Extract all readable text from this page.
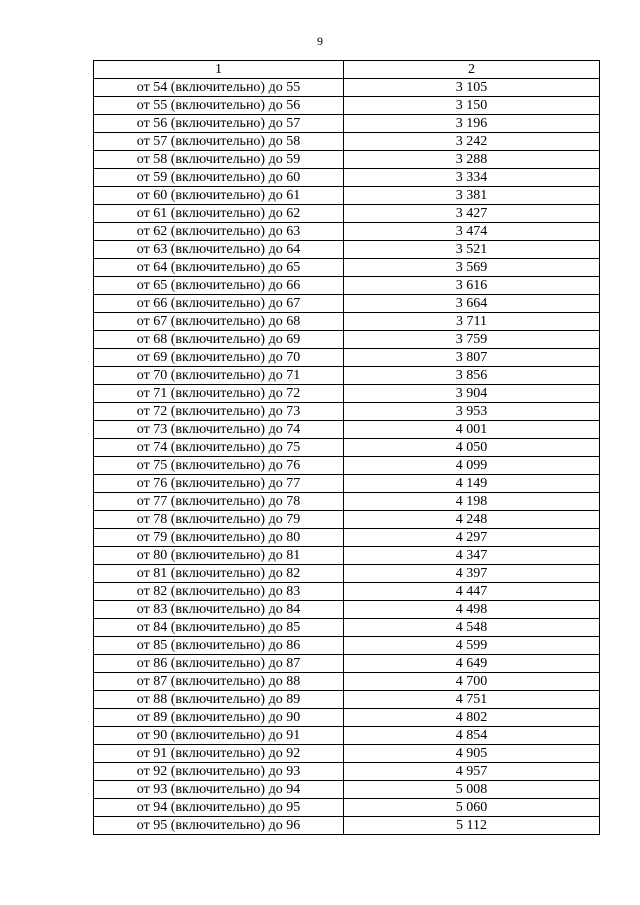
9
1	2
от 54 (включительно) до 55	3 105
от 55 (включительно) до 56	3 150
от 56 (включительно) до 57	3 196
от 57 (включительно) до 58	3 242
от 58 (включительно) до 59	3 288
от 59 (включительно) до 60	3 334
от 60 (включительно) до 61	3 381
от 61 (включительно) до 62	3 427
от 62 (включительно) до 63	3 474
от 63 (включительно) до 64	3 521
от 64 (включительно) до 65	3 569
от 65 (включительно) до 66	3 616
от 66 (включительно) до 67	3 664
от 67 (включительно) до 68	3 711
от 68 (включительно) до 69	3 759
от 69 (включительно) до 70	3 807
от 70 (включительно) до 71	3 856
от 71 (включительно) до 72	3 904
от 72 (включительно) до 73	3 953
от 73 (включительно) до 74	4 001
от 74 (включительно) до 75	4 050
от 75 (включительно) до 76	4 099
от 76 (включительно) до 77	4 149
от 77 (включительно) до 78	4 198
от 78 (включительно) до 79	4 248
от 79 (включительно) до 80	4 297
от 80 (включительно) до 81	4 347
от 81 (включительно) до 82	4 397
от 82 (включительно) до 83	4 447
от 83 (включительно) до 84	4 498
от 84 (включительно) до 85	4 548
от 85 (включительно) до 86	4 599
от 86 (включительно) до 87	4 649
от 87 (включительно) до 88	4 700
от 88 (включительно) до 89	4 751
от 89 (включительно) до 90	4 802
от 90 (включительно) до 91	4 854
от 91 (включительно) до 92	4 905
от 92 (включительно) до 93	4 957
от 93 (включительно) до 94	5 008
от 94 (включительно) до 95	5 060
от 95 (включительно) до 96	5 112
